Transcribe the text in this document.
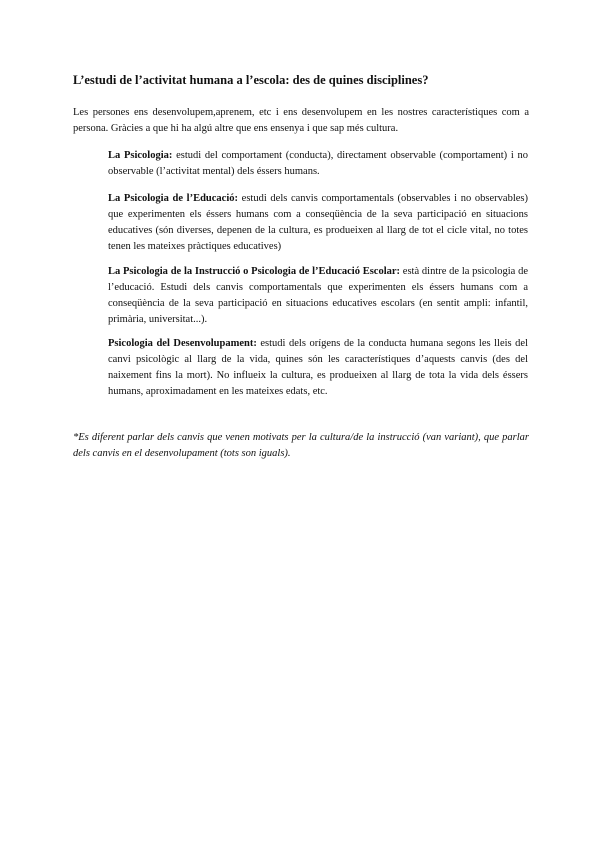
L’estudi de l’activitat humana a l’escola: des de quines disciplines?

Les persones ens desenvolupem,aprenem, etc i ens desenvolupem en les nostres característiques com a persona. Gràcies a que hi ha algú altre que ens ensenya i que sap més cultura.

La Psicologia: estudi del comportament (conducta), directament observable (comportament) i no observable (l’activitat mental) dels éssers humans.

La Psicologia de l’Educació: estudi dels canvis comportamentals (observables i no observables) que experimenten els éssers humans com a conseqüència de la seva participació en situacions educatives (són diverses, depenen de la cultura, es produeixen al llarg de tot el cicle vital, no totes tenen les mateixes pràctiques educatives)

La Psicologia de la Instrucció o Psicologia de l’Educació Escolar: està dintre de la psicologia de l’educació. Estudi dels canvis comportamentals que experimenten els éssers humans com a conseqüència de la seva participació en situacions educatives escolars (en sentit ampli: infantil, primària, universitat...).

Psicologia del Desenvolupament: estudi dels orígens de la conducta humana segons les lleis del canvi psicològic al llarg de la vida, quines són les característiques d’aquests canvis (des del naixement fins la mort). No influeix la cultura, es produeixen al llarg de tota la vida dels éssers humans, aproximadament en les mateixes edats, etc.

*Es diferent parlar dels canvis que venen motivats per la cultura/de la instrucció (van variant), que parlar dels canvis en el desenvolupament (tots son iguals).
